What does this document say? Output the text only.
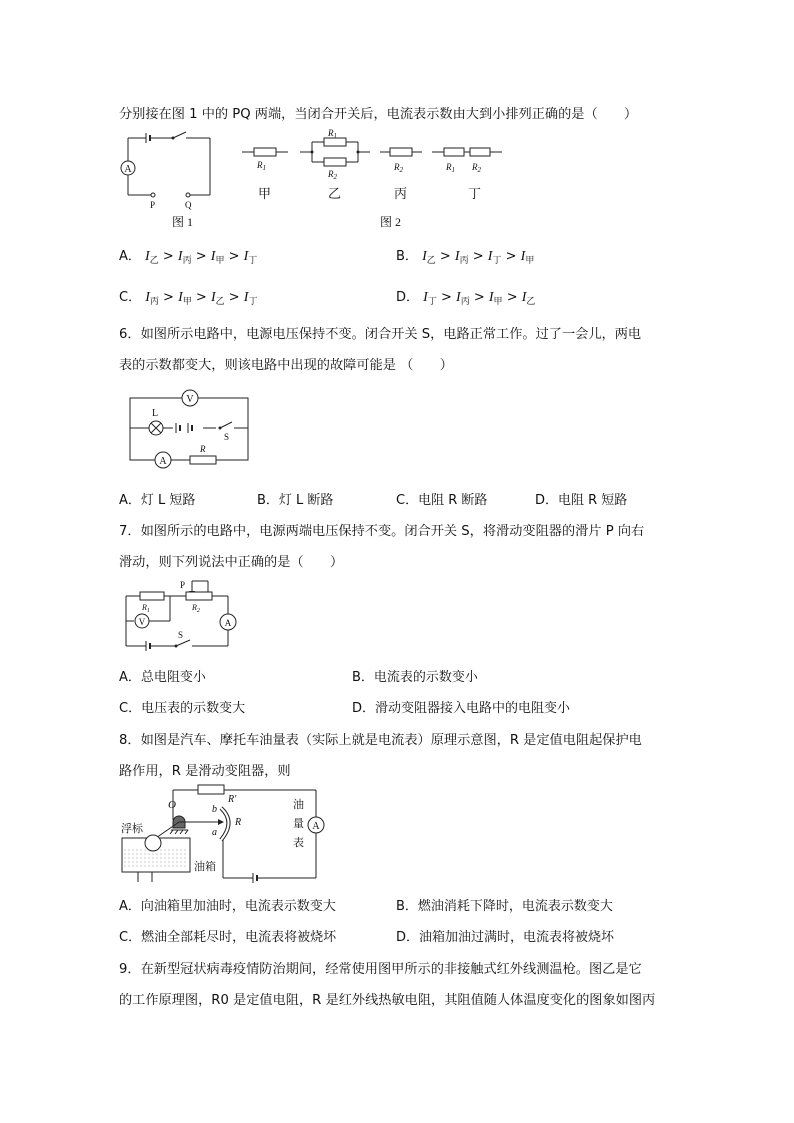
分别接在图 1 中的 PQ 两端，当闭合开关后，电流表示数由大到小排列正确的是（　　）
A
P	Q
图 1
$R_1$
甲
$R_1$
$R_2$
乙
$R_2$
丙
$R_1$ $R_2$
丁
图 2
A． $I_乙 > I_丙 > I_甲 > I_丁$	B． $I_乙 > I_丙 > I_丁 > I_甲$
C． $I_丙 > I_甲 > I_乙 > I_丁$	D． $I_丁 > I_丙 > I_甲 > I_乙$
6．如图所示电路中，电源电压保持不变。闭合开关 S，电路正常工作。过了一会儿，两电
表的示数都变大，则该电路中出现的故障可能是 （　　）
V
L
S
A
R
A．灯 L 短路	B．灯 L 断路	C．电阻 R 断路	D．电阻 R 短路
7．如图所示的电路中，电源两端电压保持不变。闭合开关 S，将滑动变阻器的滑片 P 向右
滑动，则下列说法中正确的是（　　）
P
$R_1$	$R_2$
V	A
S
A．总电阻变小	B．电流表的示数变小
C．电压表的示数变大	D．滑动变阻器接入电路中的电阻变小
8．如图是汽车、摩托车油量表（实际上就是电流表）原理示意图，R 是定值电阻起保护电
路作用，R 是滑动变阻器，则
R′
O	b
a
R
浮标
油箱
油
量
表
A
A．向油箱里加油时，电流表示数变大	B．燃油消耗下降时，电流表示数变大
C．燃油全部耗尽时，电流表将被烧坏	D．油箱加油过满时，电流表将被烧坏
9．在新型冠状病毒疫情防治期间，经常使用图甲所示的非接触式红外线测温枪。图乙是它
的工作原理图，R0 是定值电阻，R 是红外线热敏电阻，其阻值随人体温度变化的图象如图丙
